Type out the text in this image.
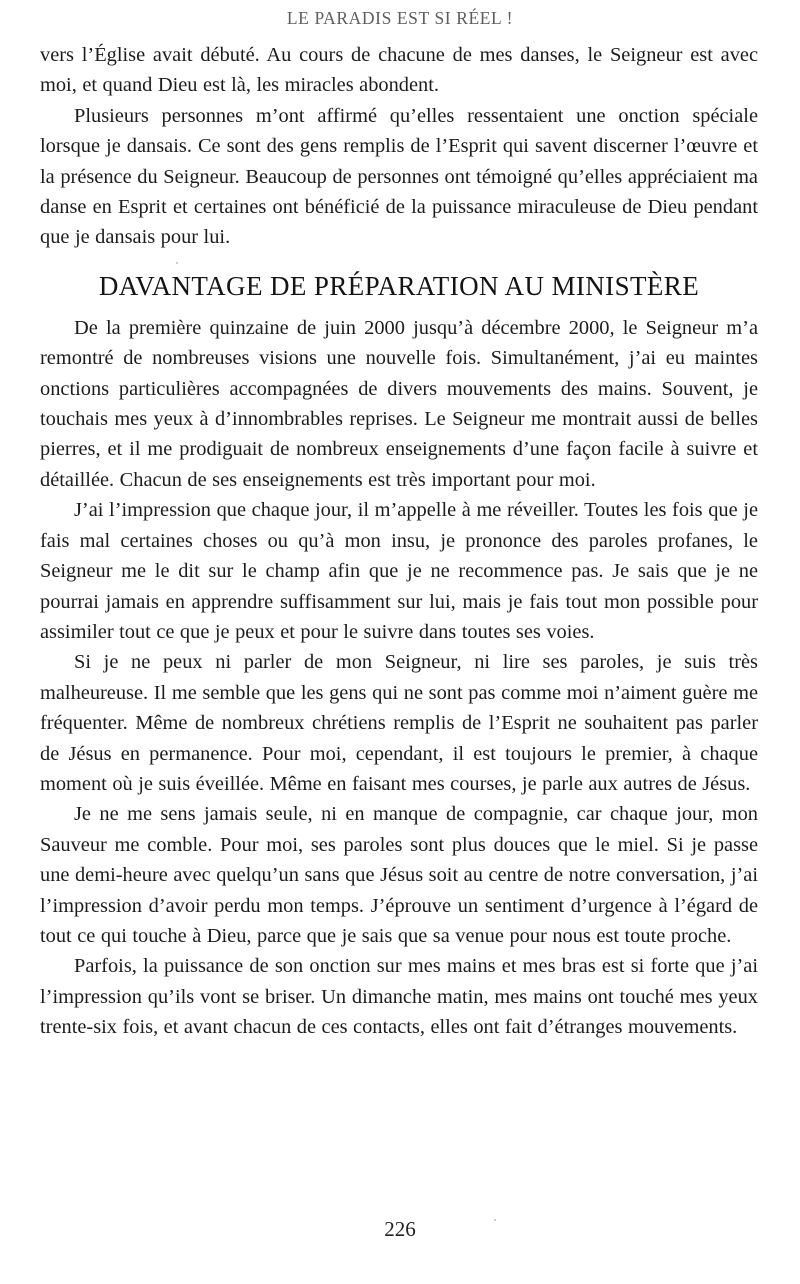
LE PARADIS EST SI RÉEL !

vers l’Église avait débuté. Au cours de chacune de mes danses, le Seigneur est avec moi, et quand Dieu est là, les miracles abondent.

Plusieurs personnes m’ont affirmé qu’elles ressentaient une onction spéciale lorsque je dansais. Ce sont des gens remplis de l’Esprit qui savent discerner l’œuvre et la présence du Seigneur. Beaucoup de personnes ont témoigné qu’elles appréciaient ma danse en Esprit et certaines ont bénéficié de la puissance miraculeuse de Dieu pendant que je dansais pour lui.

DAVANTAGE DE PRÉPARATION AU MINISTÈRE

De la première quinzaine de juin 2000 jusqu’à décembre 2000, le Seigneur m’a remontré de nombreuses visions une nouvelle fois. Simultanément, j’ai eu maintes onctions particulières accompagnées de divers mouvements des mains. Souvent, je touchais mes yeux à d’innombrables reprises. Le Seigneur me montrait aussi de belles pierres, et il me prodiguait de nombreux enseignements d’une façon facile à suivre et détaillée. Chacun de ses enseignements est très important pour moi.

J’ai l’impression que chaque jour, il m’appelle à me réveiller. Toutes les fois que je fais mal certaines choses ou qu’à mon insu, je prononce des paroles profanes, le Seigneur me le dit sur le champ afin que je ne recommence pas. Je sais que je ne pourrai jamais en apprendre suffisamment sur lui, mais je fais tout mon possible pour assimiler tout ce que je peux et pour le suivre dans toutes ses voies.

Si je ne peux ni parler de mon Seigneur, ni lire ses paroles, je suis très malheureuse. Il me semble que les gens qui ne sont pas comme moi n’aiment guère me fréquenter. Même de nombreux chrétiens remplis de l’Esprit ne souhaitent pas parler de Jésus en permanence. Pour moi, cependant, il est toujours le premier, à chaque moment où je suis éveillée. Même en faisant mes courses, je parle aux autres de Jésus.

Je ne me sens jamais seule, ni en manque de compagnie, car chaque jour, mon Sauveur me comble. Pour moi, ses paroles sont plus douces que le miel. Si je passe une demi-heure avec quelqu’un sans que Jésus soit au centre de notre conversation, j’ai l’impression d’avoir perdu mon temps. J’éprouve un sentiment d’urgence à l’égard de tout ce qui touche à Dieu, parce que je sais que sa venue pour nous est toute proche.

Parfois, la puissance de son onction sur mes mains et mes bras est si forte que j’ai l’impression qu’ils vont se briser. Un dimanche matin, mes mains ont touché mes yeux trente-six fois, et avant chacun de ces contacts, elles ont fait d’étranges mouvements.

226
